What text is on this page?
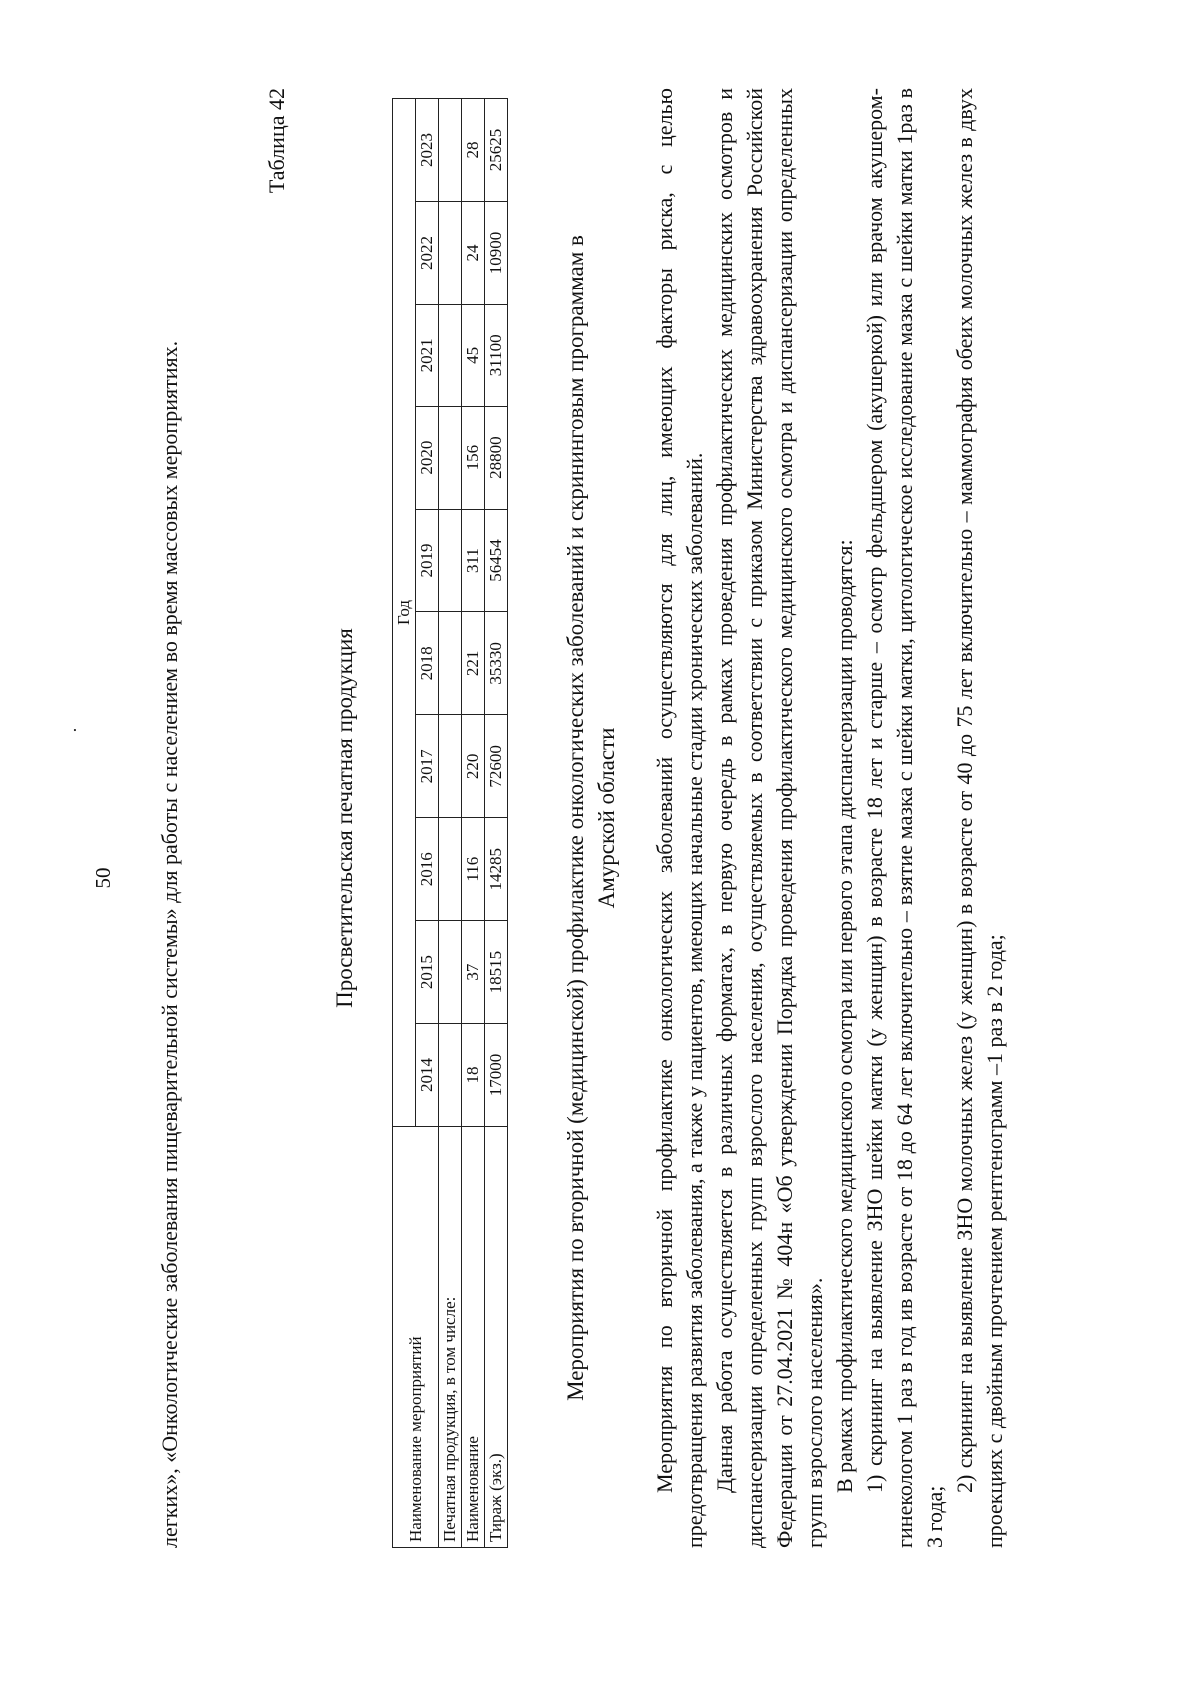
50
·	легких», «Онкологические заболевания пищеварительной системы» для работы с населением во время массовых мероприятиях.

Таблица 42
Просветительская печатная продукция
Наименование мероприятий	Год									
	2014	2015	2016	2017	2018	2019	2020	2021	2022	2023
Печатная продукция, в том числе:										
Наименование	18	37	116	220	221	311	156	45	24	28
Тираж (экз.)	17000	18515	14285	72600	35330	56454	28800	31100	10900	25625
Мероприятия по вторичной (медицинской) профилактике онкологических заболеваний и скрининговым программам в Амурской области Мероприятия по вторичной профилактике онкологических заболеваний осуществляются для лиц, имеющих факторы риска, с целью предотвращения развития заболевания, а также у пациентов, имеющих начальные стадии хронических заболеваний. Данная работа осуществляется в различных форматах, в первую очередь в рамках проведения профилактических медицинских осмотров и диспансеризации определенных групп взрослого населения, осуществляемых в соответствии с приказом Министерства здравоохранения Российской Федерации от 27.04.2021 № 404н «Об утверждении Порядка проведения профилактического медицинского осмотра и диспансеризации определенных групп взрослого населения». В рамках профилактического медицинского осмотра или первого этапа диспансеризации проводятся: 1) скрининг на выявление ЗНО шейки матки (у женщин) в возрасте 18 лет и старше – осмотр фельдшером (акушеркой) или врачом акушером-гинекологом 1 раз в год ив возрасте от 18 до 64 лет включительно – взятие мазка с шейки матки, цитологическое исследование мазка с шейки матки 1раз в 3 года;

2) скрининг на выявление ЗНО молочных желез (у женщин) в возрасте от 40 до 75 лет включительно – маммография обеих молочных желез в двух проекциях с двойным прочтением рентгенограмм –1 раз в 2 года;
